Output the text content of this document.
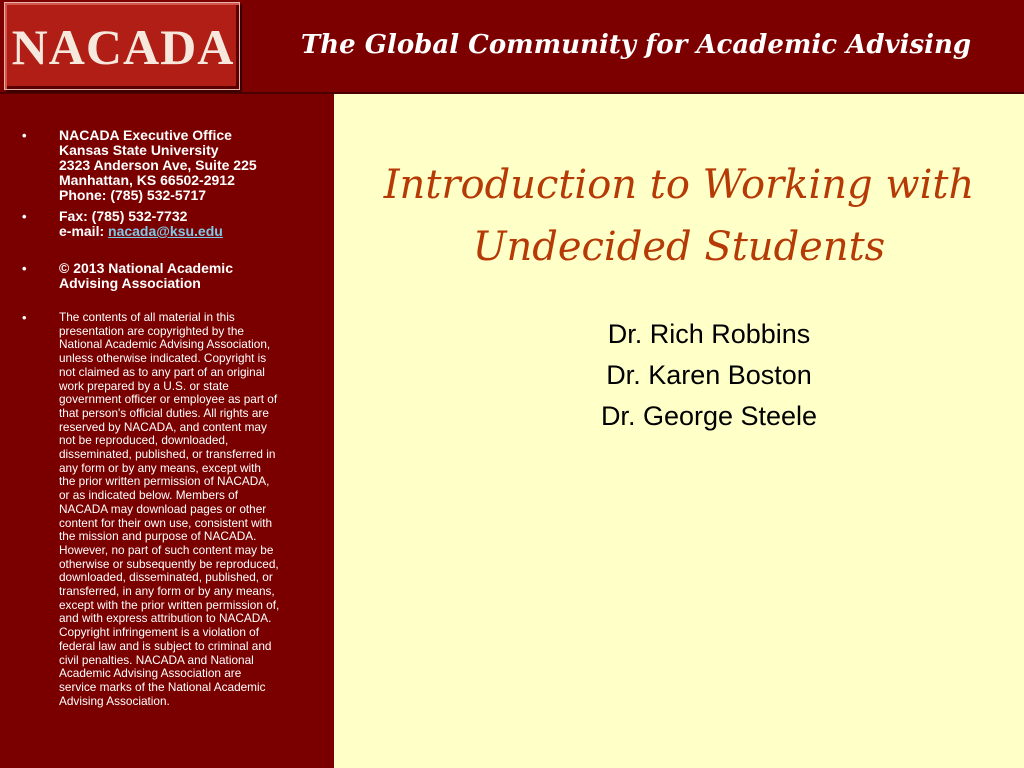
NACADA	The Global Community for Academic Advising
• NACADA Executive Office
Kansas State University
2323 Anderson Ave, Suite 225
Manhattan, KS 66502-2912
Phone: (785) 532-5717
• Fax: (785) 532-7732
e-mail: nacada@ksu.edu
• © 2013 National Academic
Advising Association
•	The contents of all material in this
presentation are copyrighted by the
National Academic Advising Association,
unless otherwise indicated. Copyright is
not claimed as to any part of an original
work prepared by a U.S. or state
government officer or employee as part of
that person's official duties. All rights are
reserved by NACADA, and content may
not be reproduced, downloaded,
disseminated, published, or transferred in
any form or by any means, except with
the prior written permission of NACADA,
or as indicated below. Members of
NACADA may download pages or other
content for their own use, consistent with
the mission and purpose of NACADA.
However, no part of such content may be
otherwise or subsequently be reproduced,
downloaded, disseminated, published, or
transferred, in any form or by any means,
except with the prior written permission of,
and with express attribution to NACADA.
Copyright infringement is a violation of
federal law and is subject to criminal and
civil penalties. NACADA and National
Academic Advising Association are
service marks of the National Academic
Advising Association.
Introduction to Working with
Undecided Students
Dr. Rich Robbins
Dr. Karen Boston
Dr. George Steele
